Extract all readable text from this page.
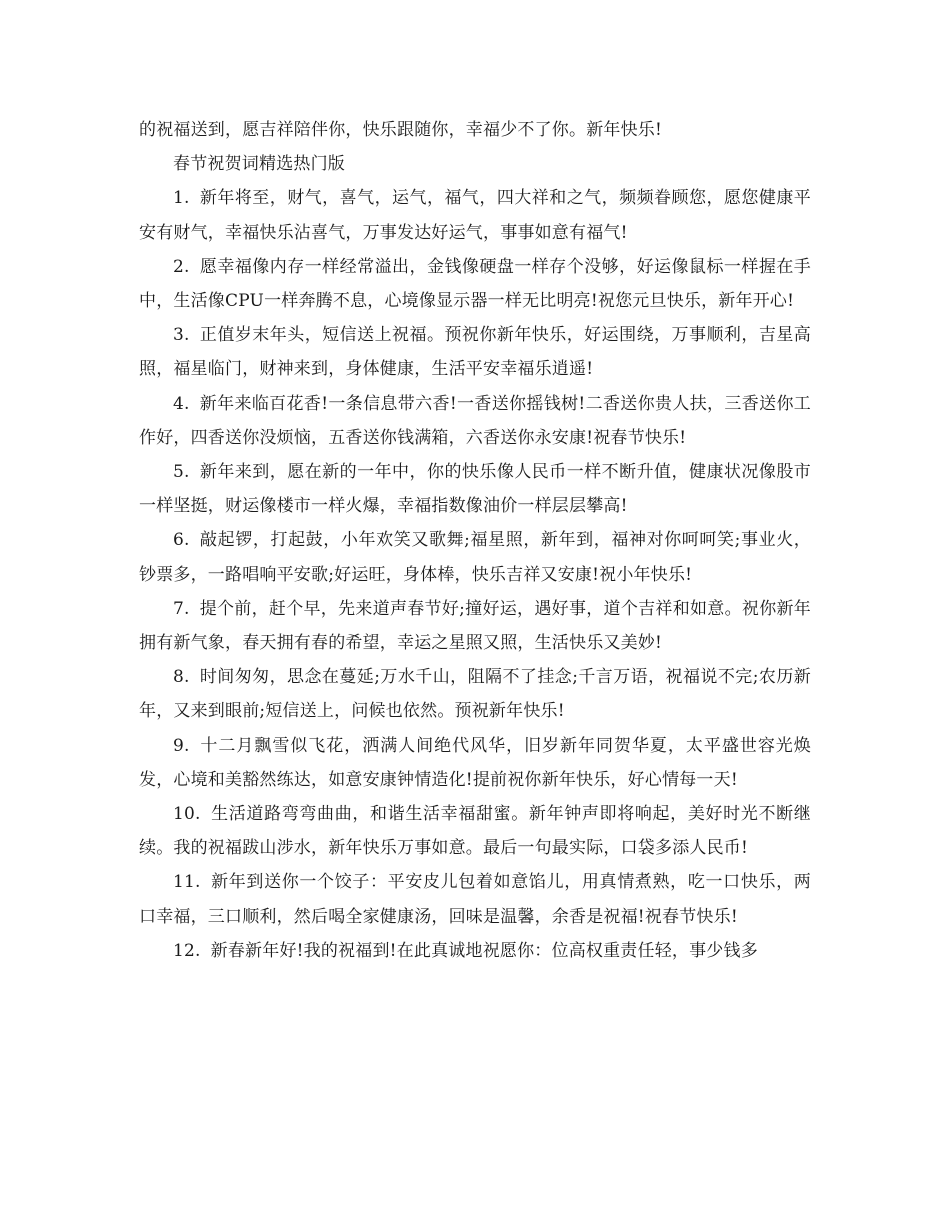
的祝福送到，愿吉祥陪伴你，快乐跟随你，幸福少不了你。新年快乐!

春节祝贺词精选热门版

1. 新年将至，财气，喜气，运气，福气，四大祥和之气，频频眷顾您，愿您健康平安有财气，幸福快乐沾喜气，万事发达好运气，事事如意有福气!

2. 愿幸福像内存一样经常溢出，金钱像硬盘一样存个没够，好运像鼠标一样握在手中，生活像CPU一样奔腾不息，心境像显示器一样无比明亮!祝您元旦快乐，新年开心!

3. 正值岁末年头，短信送上祝福。预祝你新年快乐，好运围绕，万事顺利，吉星高照，福星临门，财神来到，身体健康，生活平安幸福乐逍遥!

4. 新年来临百花香!一条信息带六香!一香送你摇钱树!二香送你贵人扶，三香送你工作好，四香送你没烦恼，五香送你钱满箱，六香送你永安康!祝春节快乐!

5. 新年来到，愿在新的一年中，你的快乐像人民币一样不断升值，健康状况像股市一样坚挺，财运像楼市一样火爆，幸福指数像油价一样层层攀高!

6. 敲起锣，打起鼓，小年欢笑又歌舞;福星照，新年到，福神对你呵呵笑;事业火，钞票多，一路唱响平安歌;好运旺，身体棒，快乐吉祥又安康!祝小年快乐!

7. 提个前，赶个早，先来道声春节好;撞好运，遇好事，道个吉祥和如意。祝你新年拥有新气象，春天拥有春的希望，幸运之星照又照，生活快乐又美妙!

8. 时间匆匆，思念在蔓延;万水千山，阻隔不了挂念;千言万语，祝福说不完;农历新年，又来到眼前;短信送上，问候也依然。预祝新年快乐!

9. 十二月飘雪似飞花，洒满人间绝代风华，旧岁新年同贺华夏，太平盛世容光焕发，心境和美豁然练达，如意安康钟情造化!提前祝你新年快乐，好心情每一天!

10. 生活道路弯弯曲曲，和谐生活幸福甜蜜。新年钟声即将响起，美好时光不断继续。我的祝福跋山涉水，新年快乐万事如意。最后一句最实际，口袋多添人民币!

11. 新年到送你一个饺子：平安皮儿包着如意馅儿，用真情煮熟，吃一口快乐，两口幸福，三口顺利，然后喝全家健康汤，回味是温馨，余香是祝福!祝春节快乐!

12. 新春新年好!我的祝福到!在此真诚地祝愿你：位高权重责任轻，事少钱多
